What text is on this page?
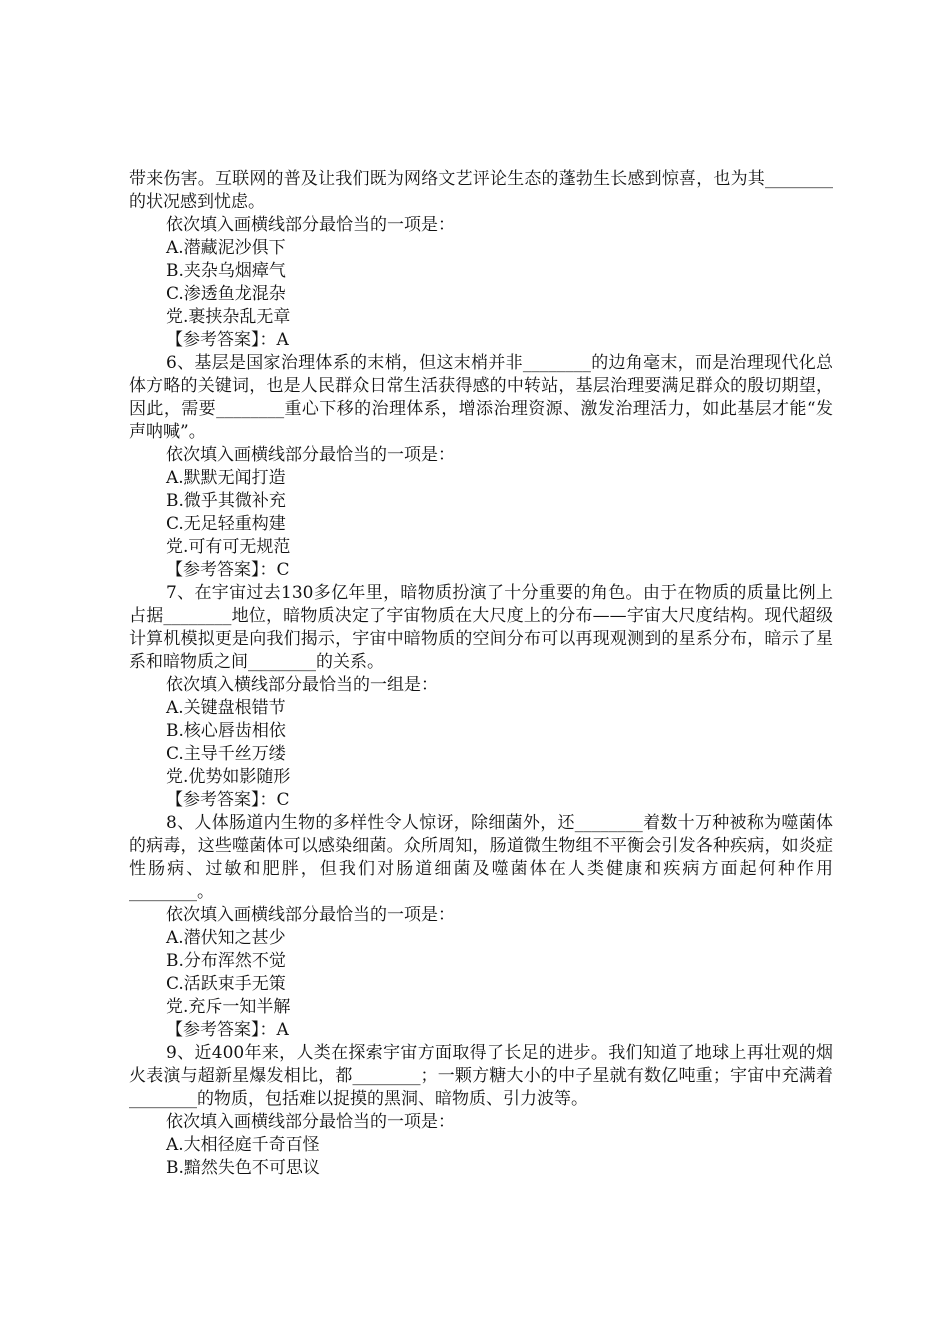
带来伤害。互联网的普及让我们既为网络文艺评论生态的蓬勃生长感到惊喜，也为其________的状况感到忧虑。

依次填入画横线部分最恰当的一项是：

A.潜藏泥沙俱下

B.夹杂乌烟瘴气

C.渗透鱼龙混杂

党.裹挟杂乱无章

【参考答案】：A

6、基层是国家治理体系的末梢，但这末梢并非________的边角毫末，而是治理现代化总体方略的关键词，也是人民群众日常生活获得感的中转站，基层治理要满足群众的殷切期望，因此，需要________重心下移的治理体系，增添治理资源、激发治理活力，如此基层才能“发声呐喊”。

依次填入画横线部分最恰当的一项是：

A.默默无闻打造

B.微乎其微补充

C.无足轻重构建

党.可有可无规范

【参考答案】：C

7、在宇宙过去130多亿年里，暗物质扮演了十分重要的角色。由于在物质的质量比例上占据________地位，暗物质决定了宇宙物质在大尺度上的分布——宇宙大尺度结构。现代超级计算机模拟更是向我们揭示，宇宙中暗物质的空间分布可以再现观测到的星系分布，暗示了星系和暗物质之间________的关系。

依次填入横线部分最恰当的一组是：

A.关键盘根错节

B.核心唇齿相依

C.主导千丝万缕

党.优势如影随形

【参考答案】：C

8、人体肠道内生物的多样性令人惊讶，除细菌外，还________着数十万种被称为噬菌体的病毒，这些噬菌体可以感染细菌。众所周知，肠道微生物组不平衡会引发各种疾病，如炎症性肠病、过敏和肥胖，但我们对肠道细菌及噬菌体在人类健康和疾病方面起何种作用________。

依次填入画横线部分最恰当的一项是：

A.潜伏知之甚少

B.分布浑然不觉

C.活跃束手无策

党.充斥一知半解

【参考答案】：A

9、近400年来，人类在探索宇宙方面取得了长足的进步。我们知道了地球上再壮观的烟火表演与超新星爆发相比，都________；一颗方糖大小的中子星就有数亿吨重；宇宙中充满着________的物质，包括难以捉摸的黑洞、暗物质、引力波等。

依次填入画横线部分最恰当的一项是：

A.大相径庭千奇百怪

B.黯然失色不可思议
